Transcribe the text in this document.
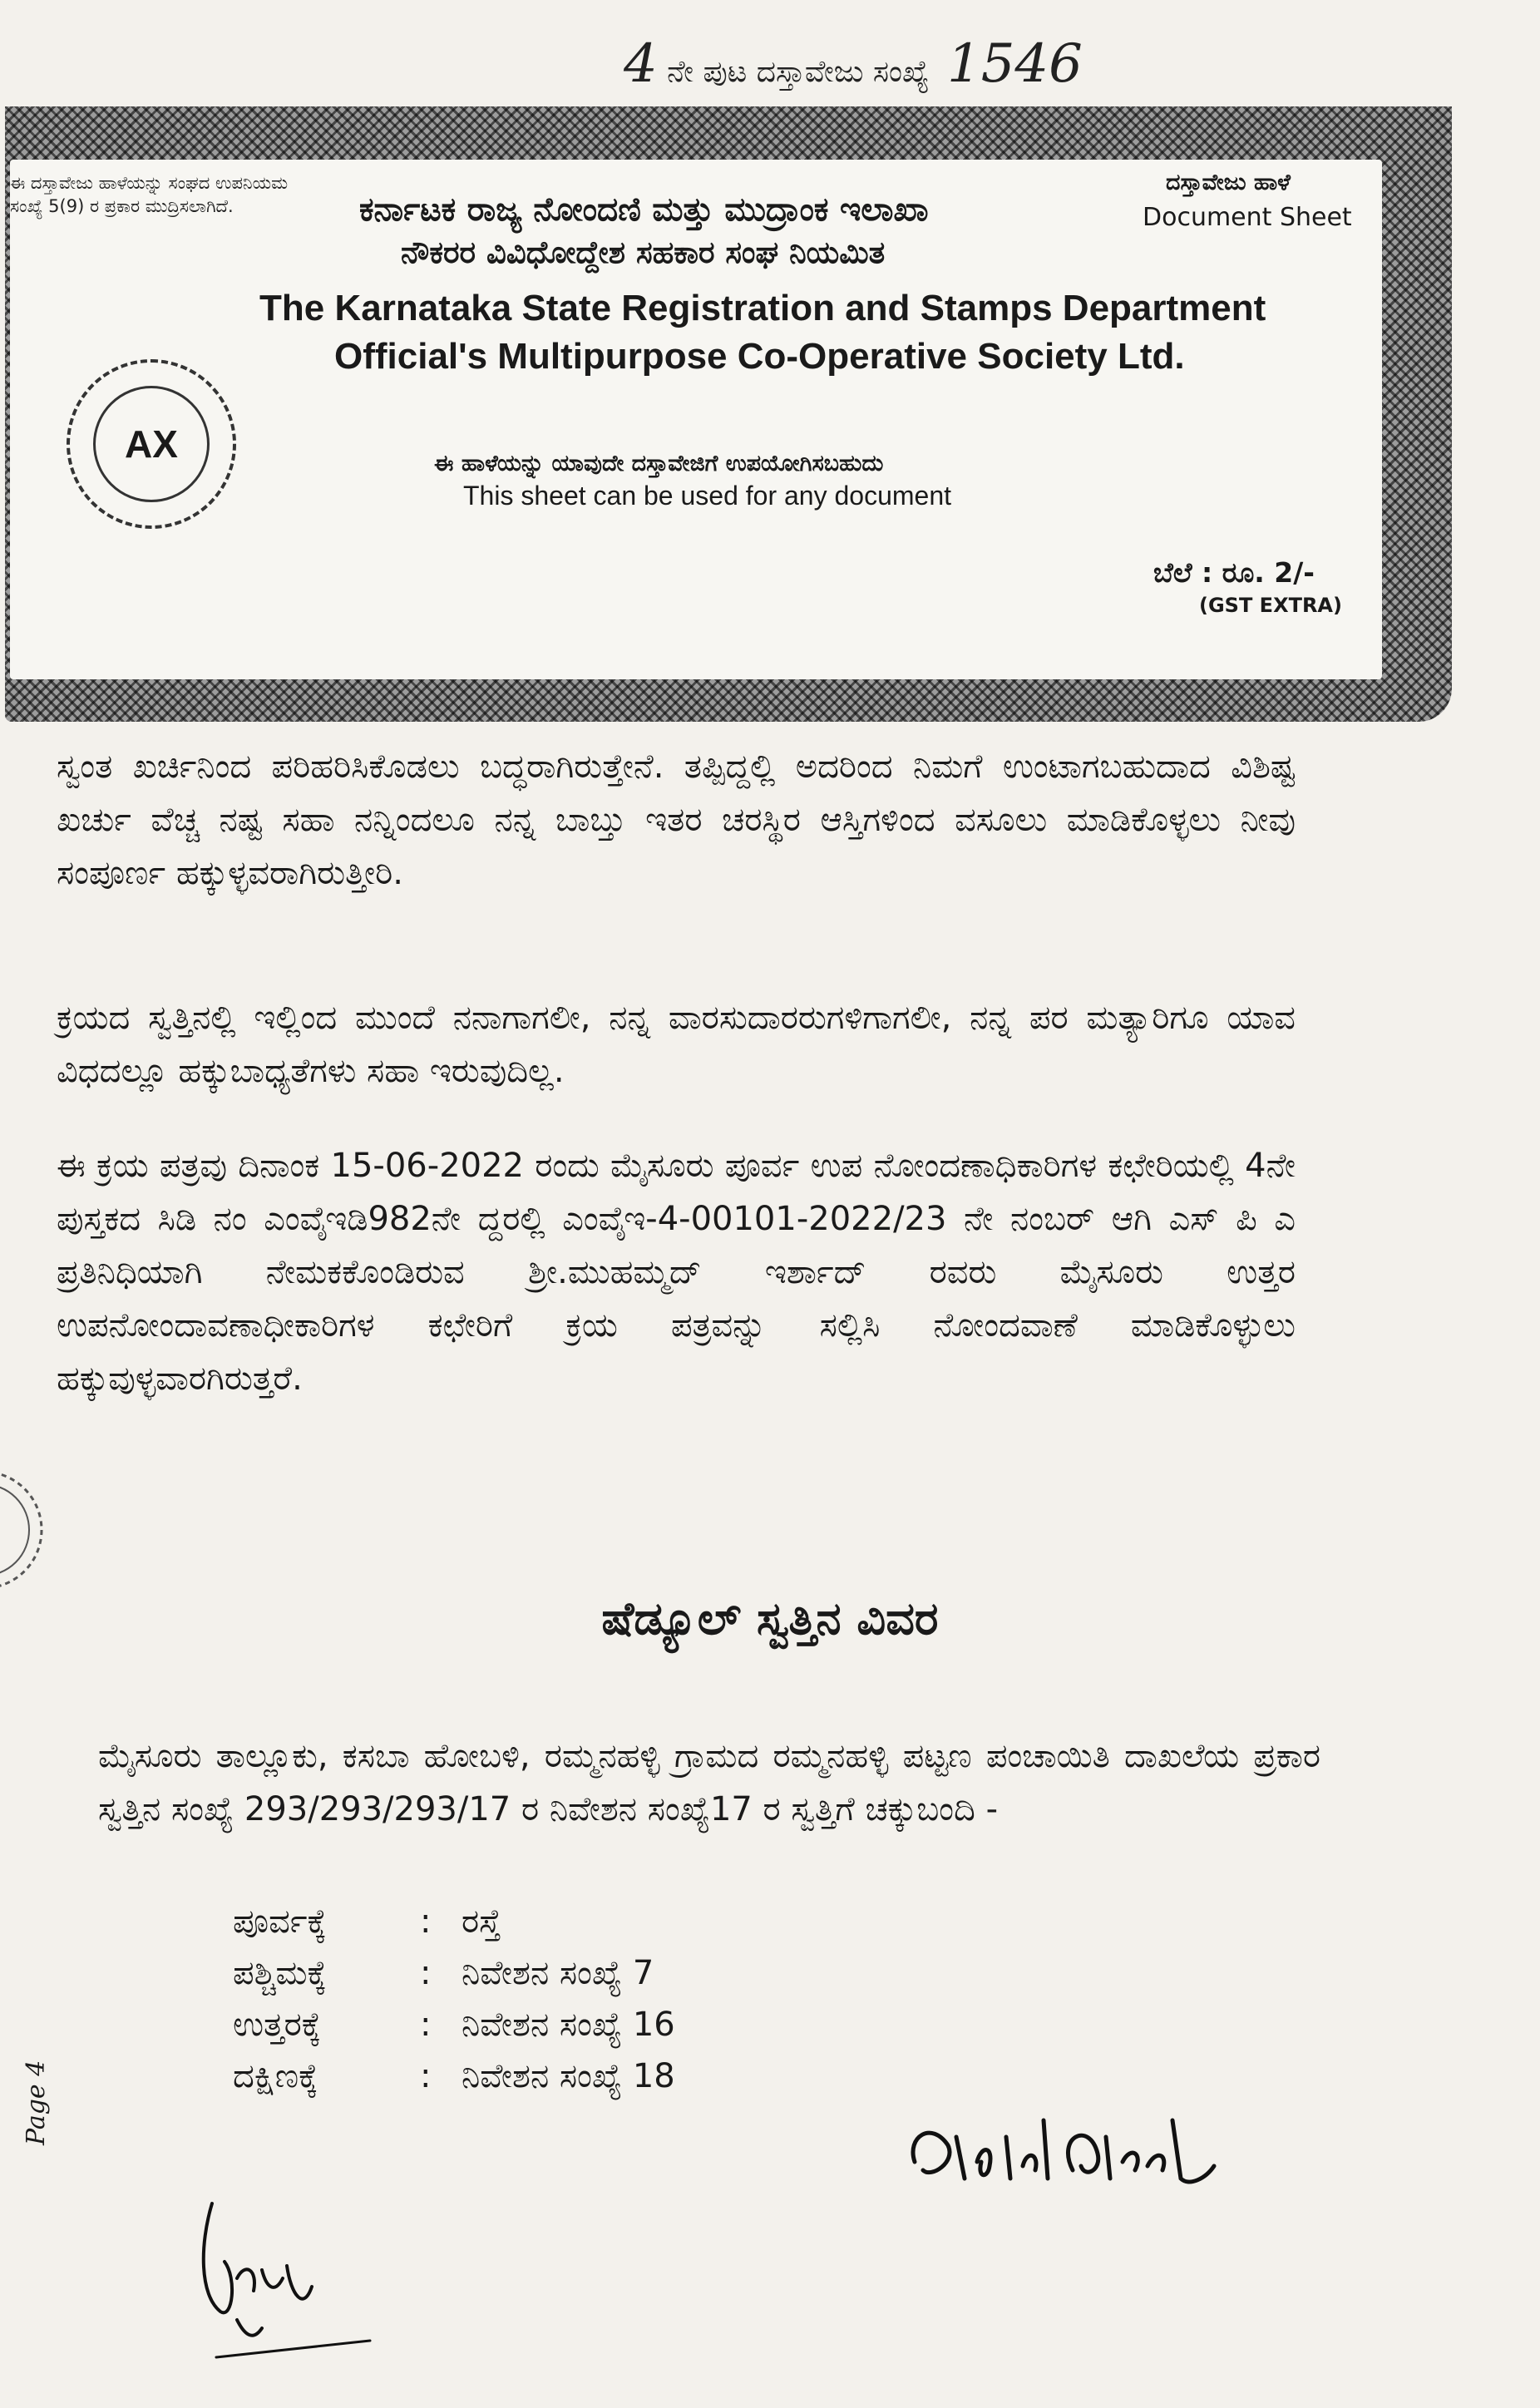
4 ನೇ ಪುಟ ದಸ್ತಾವೇಜು ಸಂಖ್ಯೆ 1546
ಈ ದಸ್ತಾವೇಜು ಹಾಳೆಯನ್ನು ಸಂಘದ ಉಪನಿಯಮ
ಸಂಖ್ಯೆ 5(9) ರ ಪ್ರಕಾರ ಮುದ್ರಿಸಲಾಗಿದೆ.
ದಸ್ತಾವೇಜು ಹಾಳೆ
Document Sheet
ಕರ್ನಾಟಕ ರಾಜ್ಯ ನೋಂದಣಿ ಮತ್ತು ಮುದ್ರಾಂಕ ಇಲಾಖಾ
ನೌಕರರ ವಿವಿಧೋದ್ದೇಶ ಸಹಕಾರ ಸಂಘ ನಿಯಮಿತ
The Karnataka State Registration and Stamps Department
Official's Multipurpose Co-Operative Society Ltd.
ಈ ಹಾಳೆಯನ್ನು ಯಾವುದೇ ದಸ್ತಾವೇಜಿಗೆ ಉಪಯೋಗಿಸಬಹುದು
This sheet can be used for any document
ಬೆಲೆ : ರೂ. 2/-
(GST EXTRA)
AX
ಸ್ವಂತ ಖರ್ಚಿನಿಂದ ಪರಿಹರಿಸಿಕೊಡಲು ಬದ್ಧರಾಗಿರುತ್ತೇನೆ. ತಪ್ಪಿದ್ದಲ್ಲಿ ಅದರಿಂದ ನಿಮಗೆ ಉಂಟಾಗಬಹುದಾದ ವಿಶಿಷ್ಟ ಖರ್ಚು ವೆಚ್ಚ ನಷ್ಟ ಸಹಾ ನನ್ನಿಂದಲೂ ನನ್ನ ಬಾಬ್ತು ಇತರ ಚರಸ್ಥಿರ ಆಸ್ತಿಗಳಿಂದ ವಸೂಲು ಮಾಡಿಕೊಳ್ಳಲು ನೀವು ಸಂಪೂರ್ಣ ಹಕ್ಕುಳ್ಳವರಾಗಿರುತ್ತೀರಿ.
ಕ್ರಯದ ಸ್ವತ್ತಿನಲ್ಲಿ ಇಲ್ಲಿಂದ ಮುಂದೆ ನನಾಗಾಗಲೀ, ನನ್ನ ವಾರಸುದಾರರುಗಳಿಗಾಗಲೀ, ನನ್ನ ಪರ ಮತ್ಯಾರಿಗೂ ಯಾವ ವಿಧದಲ್ಲೂ ಹಕ್ಕುಬಾಧ್ಯತೆಗಳು ಸಹಾ ಇರುವುದಿಲ್ಲ.
ಈ ಕ್ರಯ ಪತ್ರವು ದಿನಾಂಕ 15-06-2022 ರಂದು ಮೈಸೂರು ಪೂರ್ವ ಉಪ ನೋಂದಣಾಧಿಕಾರಿಗಳ ಕಛೇರಿಯಲ್ಲಿ 4ನೇ ಪುಸ್ತಕದ ಸಿಡಿ ನಂ ಎಂವೈಇಡಿ982ನೇ ದ್ದರಲ್ಲಿ ಎಂವೈಇ-4-00101-2022/23 ನೇ ನಂಬರ್ ಆಗಿ ಎಸ್ ಪಿ ಎ ಪ್ರತಿನಿಧಿಯಾಗಿ ನೇಮಕಕೊಂಡಿರುವ ಶ್ರೀ.ಮುಹಮ್ಮದ್ ಇರ್ಶಾದ್ ರವರು ಮೈಸೂರು ಉತ್ತರ ಉಪನೋಂದಾವಣಾಧೀಕಾರಿಗಳ ಕಛೇರಿಗೆ ಕ್ರಯ ಪತ್ರವನ್ನು ಸಲ್ಲಿಸಿ ನೋಂದವಾಣೆ ಮಾಡಿಕೊಳ್ಳುಲು ಹಕ್ಕುವುಳ್ಳವಾರಗಿರುತ್ತರೆ.
ಷೆಡ್ಯೂಲ್ ಸ್ವತ್ತಿನ ವಿವರ
ಮೈಸೂರು ತಾಲ್ಲೂಕು, ಕಸಬಾ ಹೋಬಳಿ, ರಮ್ಮನಹಳ್ಳಿ ಗ್ರಾಮದ ರಮ್ಮನಹಳ್ಳಿ ಪಟ್ಟಣ ಪಂಚಾಯಿತಿ ದಾಖಲೆಯ ಪ್ರಕಾರ ಸ್ವತ್ತಿನ ಸಂಖ್ಯೆ 293/293/293/17 ರ ನಿವೇಶನ ಸಂಖ್ಯೆ17 ರ ಸ್ವತ್ತಿಗೆ ಚಕ್ಕುಬಂದಿ -
ಪೂರ್ವಕ್ಕೆ	: ರಸ್ತೆ
ಪಶ್ಚಿಮಕ್ಕೆ	: ನಿವೇಶನ ಸಂಖ್ಯೆ 7
ಉತ್ತರಕ್ಕೆ	: ನಿವೇಶನ ಸಂಖ್ಯೆ 16
ದಕ್ಷಿಣಕ್ಕೆ	: ನಿವೇಶನ ಸಂಖ್ಯೆ 18
Page 4
